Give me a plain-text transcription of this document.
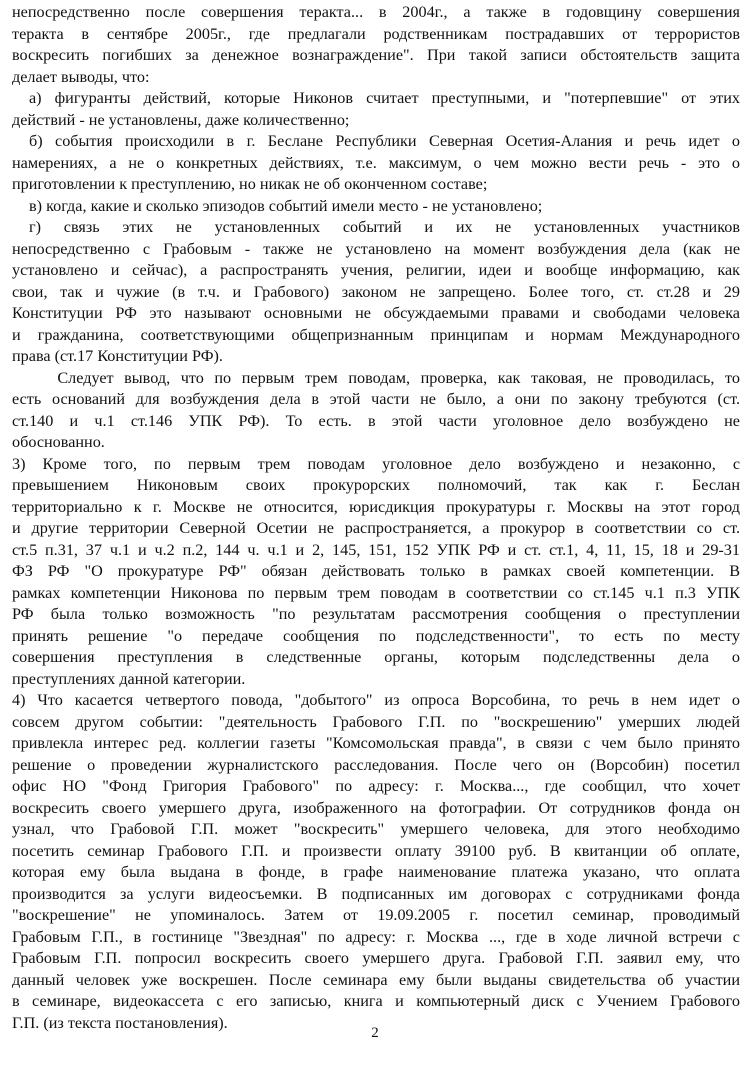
непосредственно после совершения теракта... в 2004г., а также в годовщину совершения
теракта в сентябре 2005г., где предлагали родственникам пострадавших от террористов
воскресить погибших за денежное вознаграждение". При такой записи обстоятельств защита
делает выводы, что:
а) фигуранты действий, которые Никонов считает преступными, и "потерпевшие" от этих
действий - не установлены, даже количественно;
б) события происходили в г. Беслане Республики Северная Осетия-Алания и речь идет о
намерениях, а не о конкретных действиях, т.е. максимум, о чем можно вести речь - это о
приготовлении к преступлению, но никак не об оконченном составе;
в) когда, какие и сколько эпизодов событий имели место - не установлено;
г) связь этих не установленных событий и их не установленных участников
непосредственно с Грабовым - также не установлено на момент возбуждения дела (как не
установлено и сейчас), а распространять учения, религии, идеи и вообще информацию, как
свои, так и чужие (в т.ч. и Грабового) законом не запрещено. Более того, ст. ст.28 и 29
Конституции РФ это называют основными не обсуждаемыми правами и свободами человека
и гражданина, соответствующими общепризнанным принципам и нормам Международного
права (ст.17 Конституции РФ).
Следует вывод, что по первым трем поводам, проверка, как таковая, не проводилась, то
есть оснований для возбуждения дела в этой части не было, а они по закону требуются (ст.
ст.140 и ч.1 ст.146 УПК РФ). То есть. в этой части уголовное дело возбуждено не
обоснованно.
3) Кроме того, по первым трем поводам уголовное дело возбуждено и незаконно, с
превышением Никоновым своих прокурорских полномочий, так как г. Беслан
территориально к г. Москве не относится, юрисдикция прокуратуры г. Москвы на этот город
и другие территории Северной Осетии не распространяется, а прокурор в соответствии со ст.
ст.5 п.31, 37 ч.1 и ч.2 п.2, 144 ч. ч.1 и 2, 145, 151, 152 УПК РФ и ст. ст.1, 4, 11, 15, 18 и 29-31
ФЗ РФ "О прокуратуре РФ" обязан действовать только в рамках своей компетенции. В
рамках компетенции Никонова по первым трем поводам в соответствии со ст.145 ч.1 п.3 УПК
РФ была только возможность "по результатам рассмотрения сообщения о преступлении
принять решение "о передаче сообщения по подследственности", то есть по месту
совершения преступления в следственные органы, которым подследственны дела о
преступлениях данной категории.
4) Что касается четвертого повода, "добытого" из опроса Ворсобина, то речь в нем идет о
совсем другом событии: "деятельность Грабового Г.П. по "воскрешению" умерших людей
привлекла интерес ред. коллегии газеты "Комсомольская правда", в связи с чем было принято
решение о проведении журналистского расследования. После чего он (Ворсобин) посетил
офис НО "Фонд Григория Грабового" по адресу: г. Москва..., где сообщил, что хочет
воскресить своего умершего друга, изображенного на фотографии. От сотрудников фонда он
узнал, что Грабовой Г.П. может "воскресить" умершего человека, для этого необходимо
посетить семинар Грабового Г.П. и произвести оплату 39100 руб. В квитанции об оплате,
которая ему была выдана в фонде, в графе наименование платежа указано, что оплата
производится за услуги видеосъемки. В подписанных им договорах с сотрудниками фонда
"воскрешение" не упоминалось. Затем от 19.09.2005 г. посетил семинар, проводимый
Грабовым Г.П., в гостинице "Звездная" по адресу: г. Москва ..., где в ходе личной встречи с
Грабовым Г.П. попросил воскресить своего умершего друга. Грабовой Г.П. заявил ему, что
данный человек уже воскрешен. После семинара ему были выданы свидетельства об участии
в семинаре, видеокассета с его записью, книга и компьютерный диск с Учением Грабового
Г.П. (из текста постановления).
2
